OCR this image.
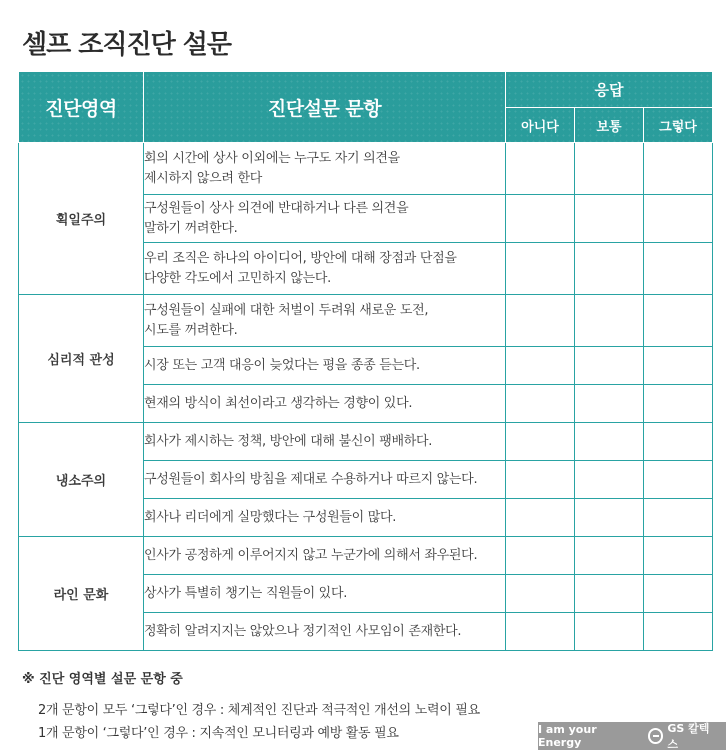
셀프 조직진단 설문
진단영역	진단설문 문항	응답		
		아니다	보통	그렇다
획일주의	회의 시간에 상사 이외에는 누구도 자기 의견을
제시하지 않으려 한다			

	구성원들이 상사 의견에 반대하거나 다른 의견을
말하기 꺼려한다.			

	우리 조직은 하나의 아이디어, 방안에 대해 장점과 단점을
다양한 각도에서 고민하지 않는다.			

심리적 관성	구성원들이 실패에 대한 처벌이 두려워 새로운 도전,
시도를 꺼려한다.			

	시장 또는 고객 대응이 늦었다는 평을 종종 듣는다.			

	현재의 방식이 최선이라고 생각하는 경향이 있다.			

냉소주의	회사가 제시하는 정책, 방안에 대해 불신이 팽배하다.			

	구성원들이 회사의 방침을 제대로 수용하거나 따르지 않는다.			

	회사나 리더에게 실망했다는 구성원들이 많다.			

라인 문화	인사가 공정하게 이루어지지 않고 누군가에 의해서 좌우된다.			

	상사가 특별히 챙기는 직원들이 있다.			

	정확히 알려지지는 않았으나 정기적인 사모임이 존재한다.			

※ 진단 영역별 설문 문항 중

2개 문항이 모두 ‘그렇다’인 경우 : 체계적인 진단과 적극적인 개선의 노력이 필요

1개 문항이 ‘그렇다’인 경우 : 지속적인 모니터링과 예방 활동 필요	I am your Energy
GS 칼텍스
